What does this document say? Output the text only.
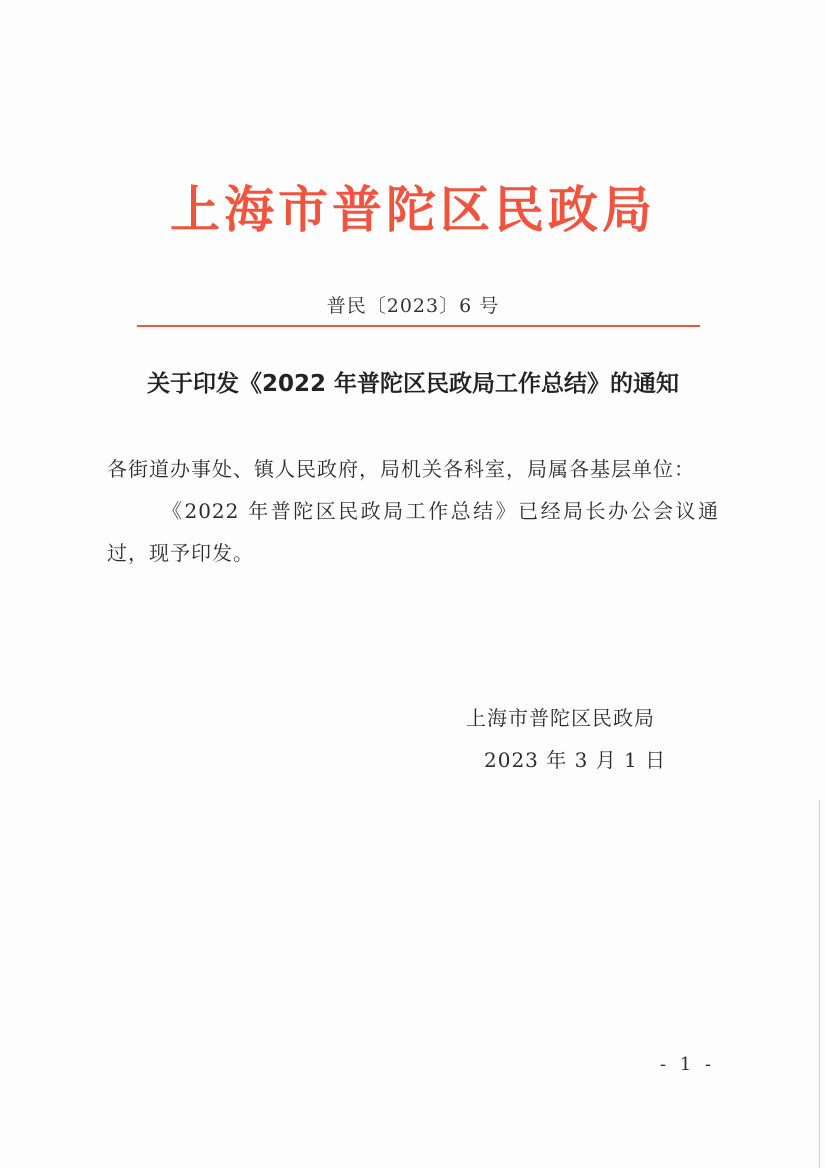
上海市普陀区民政局
普民〔2023〕6 号
关于印发《2022 年普陀区民政局工作总结》的通知
各街道办事处、镇人民政府，局机关各科室，局属各基层单位：
《2022 年普陀区民政局工作总结》已经局长办公会议通过，现予印发。
上海市普陀区民政局
2023 年 3 月 1 日
- 1 -
